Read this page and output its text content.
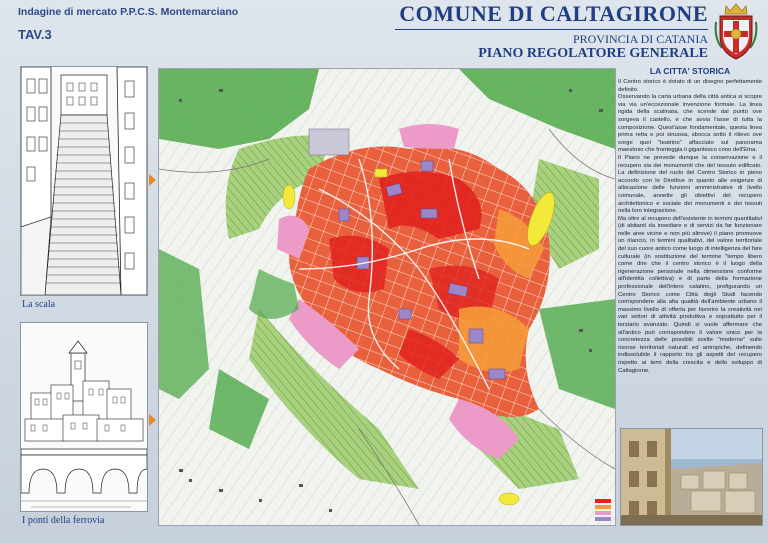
Indagine di mercato P.P.C.S. Montemarciano
TAV.3
COMUNE DI CALTAGIRONE
PROVINCIA DI CATANIA
PIANO REGOLATORE GENERALE
La scala
I ponti della ferrovia
LA CITTA' STORICA

Il Centro storico è dotato di un disegno perfettamente definito.

Osservando la carta urbana della città antica si scopre via via un'eccezionale invenzione formale. La linea rigida della scalinata, che scende dal punto ove sorgeva il castello, e che avvia l'asse di tutta la composizione. Quest'asse fondamentale, questa linea prima retta e poi sinuosa, sbocca sotto il rilievo ove sorge quel "teatrino" affacciato sul panorama maestoso che fronteggia il gigantesco cono dell'Etna.

Il Piano ne prevede dunque la conservazione e il recupero sia dei monumenti che del tessuto edificato. La definizione del ruolo del Centro Storico in pieno accordo con le Direttive in quanto alle esigenze di allocazione delle funzioni amministrative di livello comunale, annette gli obiettivi del recupero architettonico e sociale dei monumenti e dei tessuti nella loro integrazione.

Ma oltre al recupero dell'esistente in termini quantitativi (di abitanti da insediare e di servizi da far funzionare nelle aree vicine e non più altrove) il piano promuove un rilancio, in termini qualitativi, del valore territoriale del suo cuore antico come luogo di intelligenza del fare culturale (in sostituzione del termine "tempo libero come dire che il centro storico è il luogo della rigenerazione personale nella dimensione conforme all'identità collettiva) e di parte della formazione professionale dell'intero calatino, prefigurando un Centro Storico come Città degli Studi facendo corrispondere alla alta qualità dell'ambiente urbano il massimo livello di offerta per favorire la creatività nei vari settori di attività produttiva e soprattutto per il terziario avanzato. Quindi si vuole affermare che all'antico può corrispondere il valore unico per la concretezza delle possibili scelte "moderne" sulle risorse territoriali naturali ed antropiche, definendo indissolubile il rapporto tra gli aspetti del recupero rispetto ai temi della crescita e dello sviluppo di Caltagirone.
